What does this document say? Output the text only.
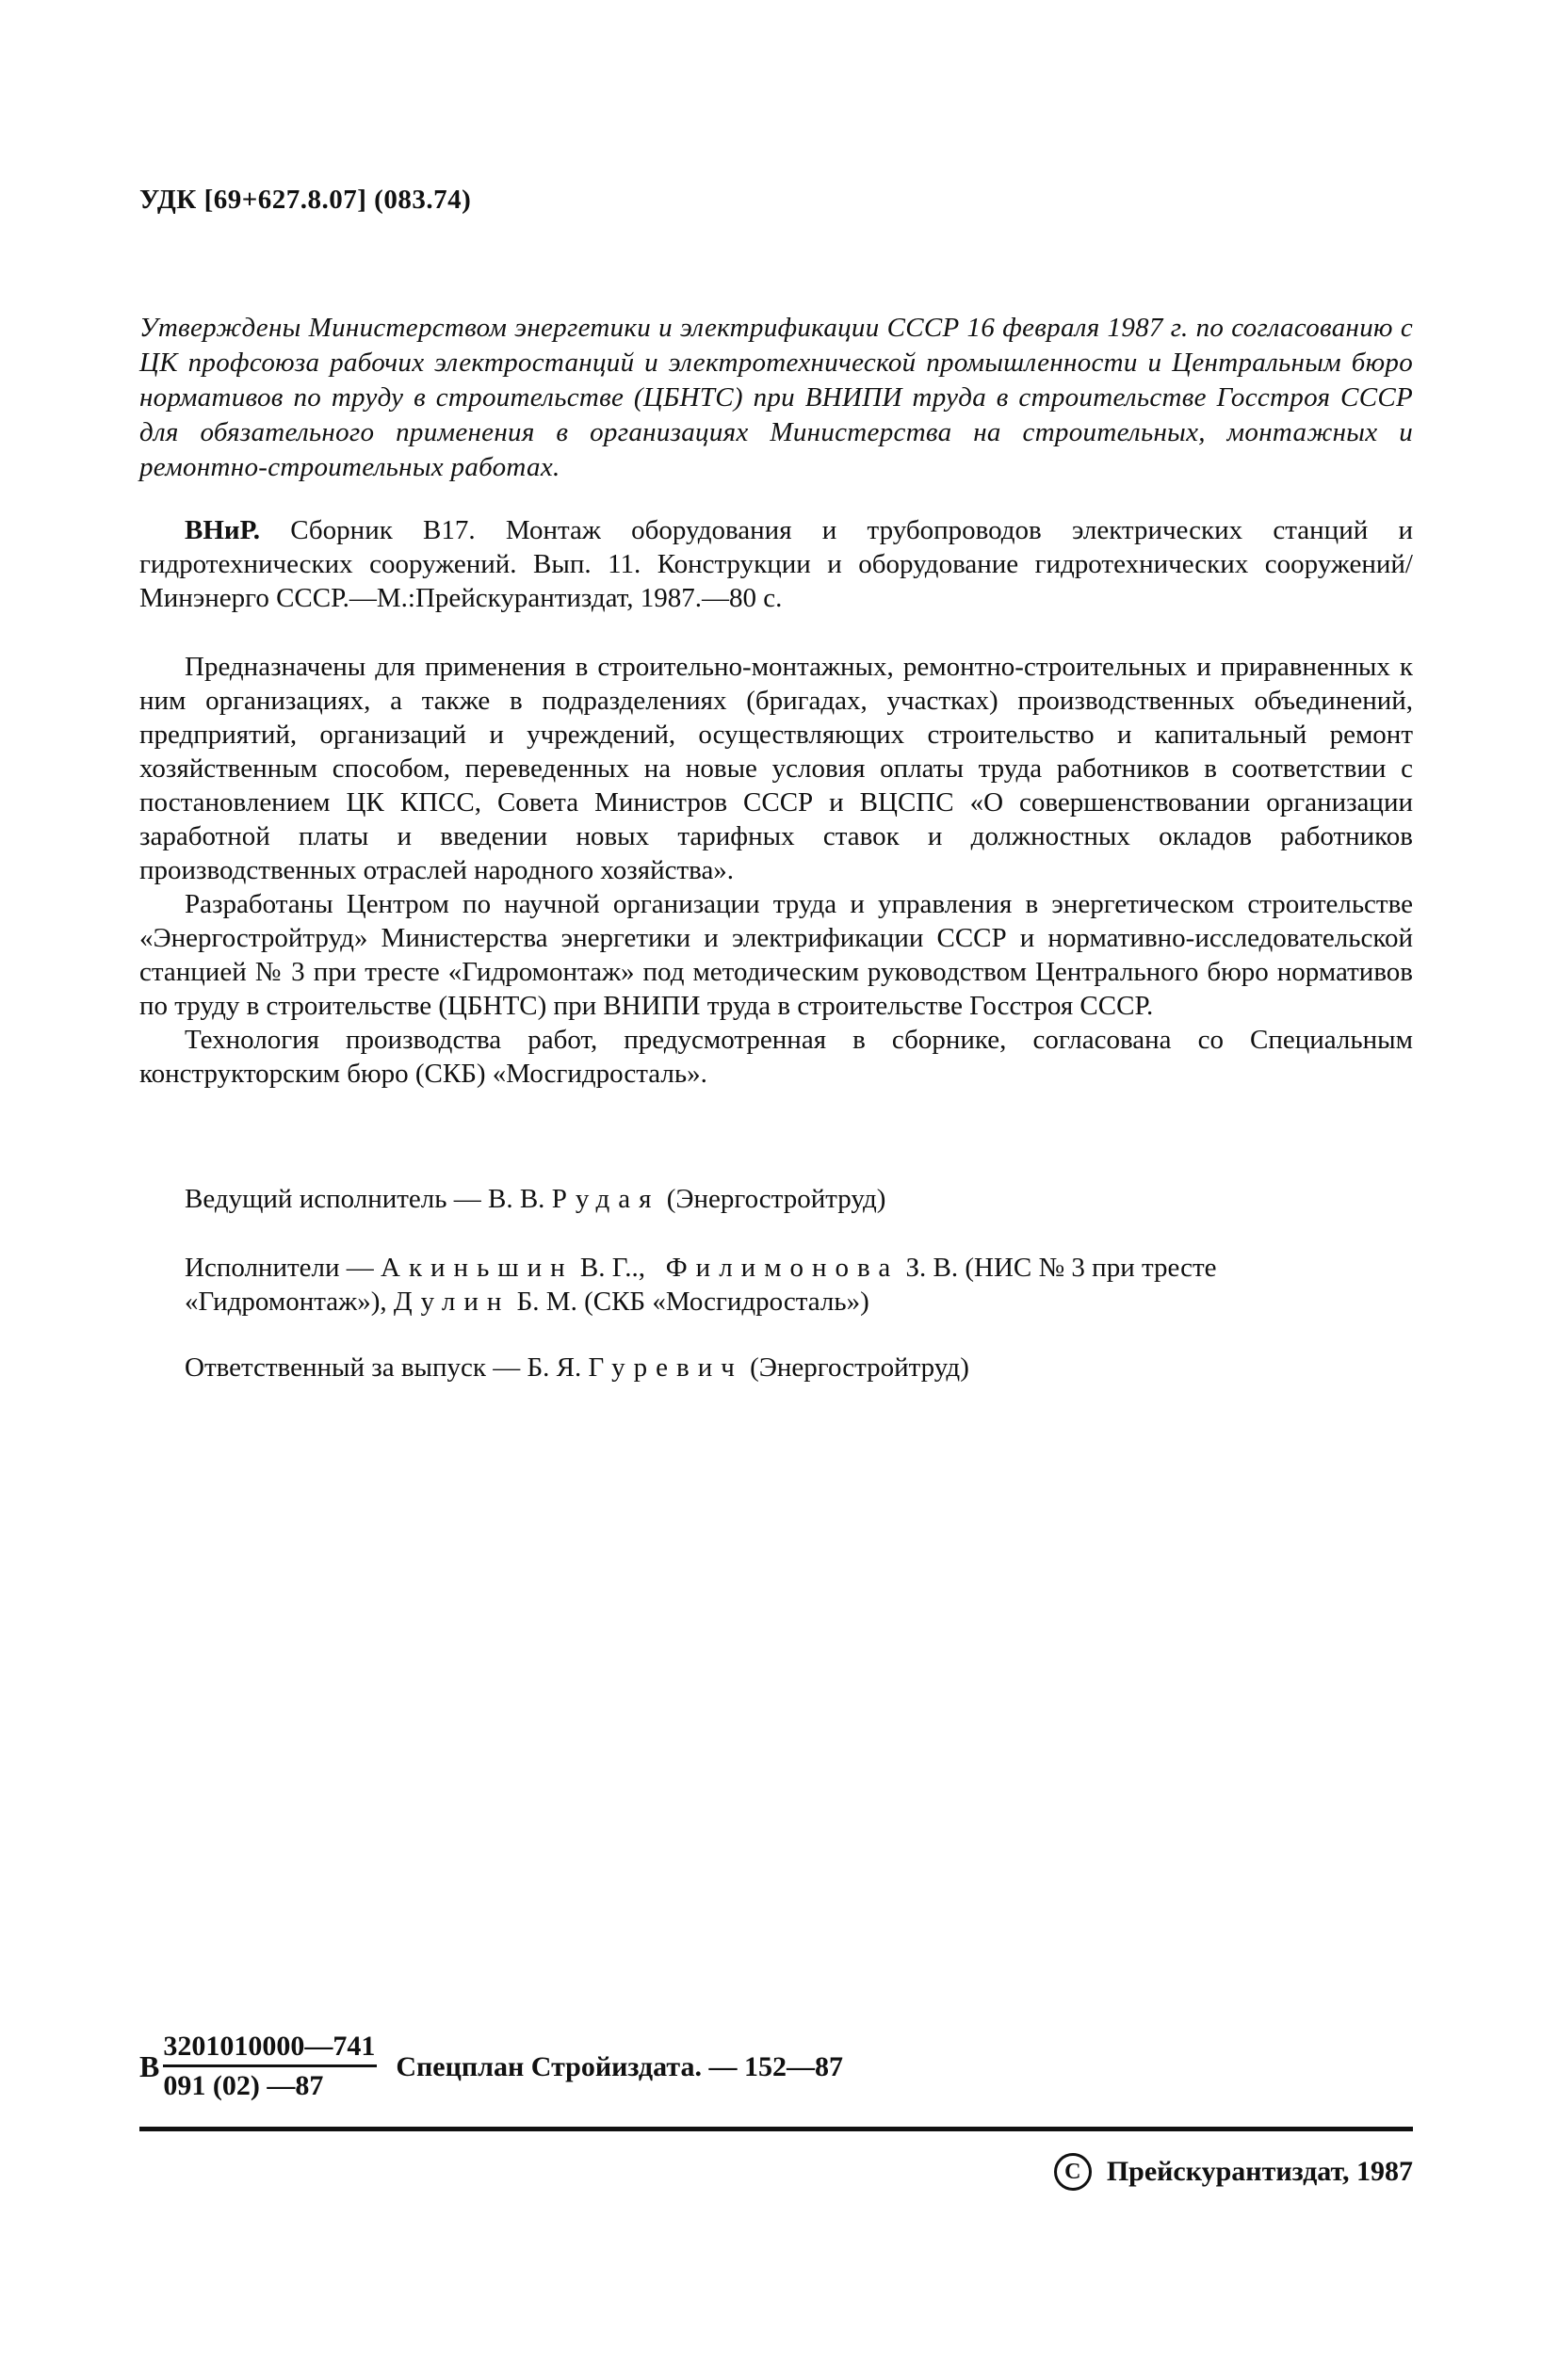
УДК [69+627.8.07] (083.74)
Утверждены Министерством энергетики и электрификации СССР 16 февраля 1987 г. по согласованию с ЦК профсоюза рабочих электростанций и электротехнической промышленности и Центральным бюро нормативов по труду в строительстве (ЦБНТС) при ВНИПИ труда в строительстве Госстроя СССР для обязательного применения в организациях Министерства на строительных, монтажных и ремонтно-строительных работах.
ВНиР. Сборник В17. Монтаж оборудования и трубопроводов электрических станций и гидротехнических сооружений. Вып. 11. Конструкции и оборудование гидротехнических сооружений/Минэнерго СССР.—М.:Прейскурантиздат, 1987.—80 с.

Предназначены для применения в строительно-монтажных, ремонтно-строительных и приравненных к ним организациях, а также в подразделениях (бригадах, участках) производственных объединений, предприятий, организаций и учреждений, осуществляющих строительство и капитальный ремонт хозяйственным способом, переведенных на новые условия оплаты труда работников в соответствии с постановлением ЦК КПСС, Совета Министров СССР и ВЦСПС «О совершенствовании организации заработной платы и введении новых тарифных ставок и должностных окладов работников производственных отраслей народного хозяйства».

Разработаны Центром по научной организации труда и управления в энергетическом строительстве «Энергостройтруд» Министерства энергетики и электрификации СССР и нормативно-исследовательской станцией № 3 при тресте «Гидромонтаж» под методическим руководством Центрального бюро нормативов по труду в строительстве (ЦБНТС) при ВНИПИ труда в строительстве Госстроя СССР.

Технология производства работ, предусмотренная в сборнике, согласована со Специальным конструкторским бюро (СКБ) «Мосгидросталь».

Ведущий исполнитель — В. В. Рудая (Энергостройтруд)
Исполнители — Акиньшин В. Г.., Филимонова З. В. (НИС № 3 при тресте «Гидромонтаж»), Дулин Б. М. (СКБ «Мосгидросталь»)
Ответственный за выпуск — Б. Я. Гуревич (Энергостройтруд)
В $\frac{3201010000—741}{091 (02) —87}$ Спецплан Стройиздата. — 152—87
C Прейскурантиздат, 1987
